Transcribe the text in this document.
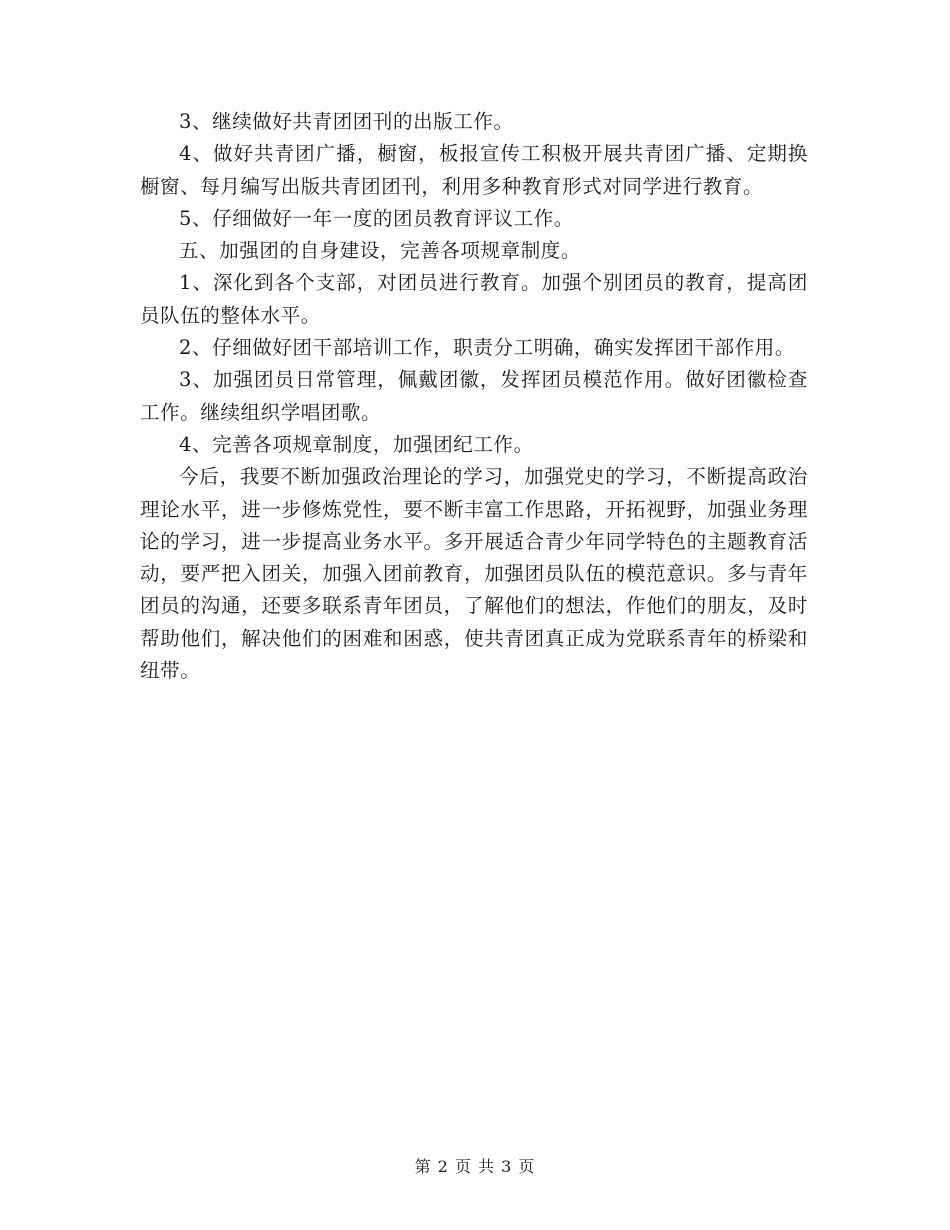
3、继续做好共青团团刊的出版工作。

4、做好共青团广播，橱窗，板报宣传工积极开展共青团广播、定期换橱窗、每月编写出版共青团团刊，利用多种教育形式对同学进行教育。

5、仔细做好一年一度的团员教育评议工作。

五、加强团的自身建设，完善各项规章制度。

1、深化到各个支部，对团员进行教育。加强个别团员的教育，提高团员队伍的整体水平。

2、仔细做好团干部培训工作，职责分工明确，确实发挥团干部作用。

3、加强团员日常管理，佩戴团徽，发挥团员模范作用。做好团徽检查工作。继续组织学唱团歌。

4、完善各项规章制度，加强团纪工作。

今后，我要不断加强政治理论的学习，加强党史的学习，不断提高政治理论水平，进一步修炼党性，要不断丰富工作思路，开拓视野，加强业务理论的学习，进一步提高业务水平。多开展适合青少年同学特色的主题教育活动，要严把入团关，加强入团前教育，加强团员队伍的模范意识。多与青年团员的沟通，还要多联系青年团员，了解他们的想法，作他们的朋友，及时帮助他们，解决他们的困难和困惑，使共青团真正成为党联系青年的桥梁和纽带。

第 2 页 共 3 页
